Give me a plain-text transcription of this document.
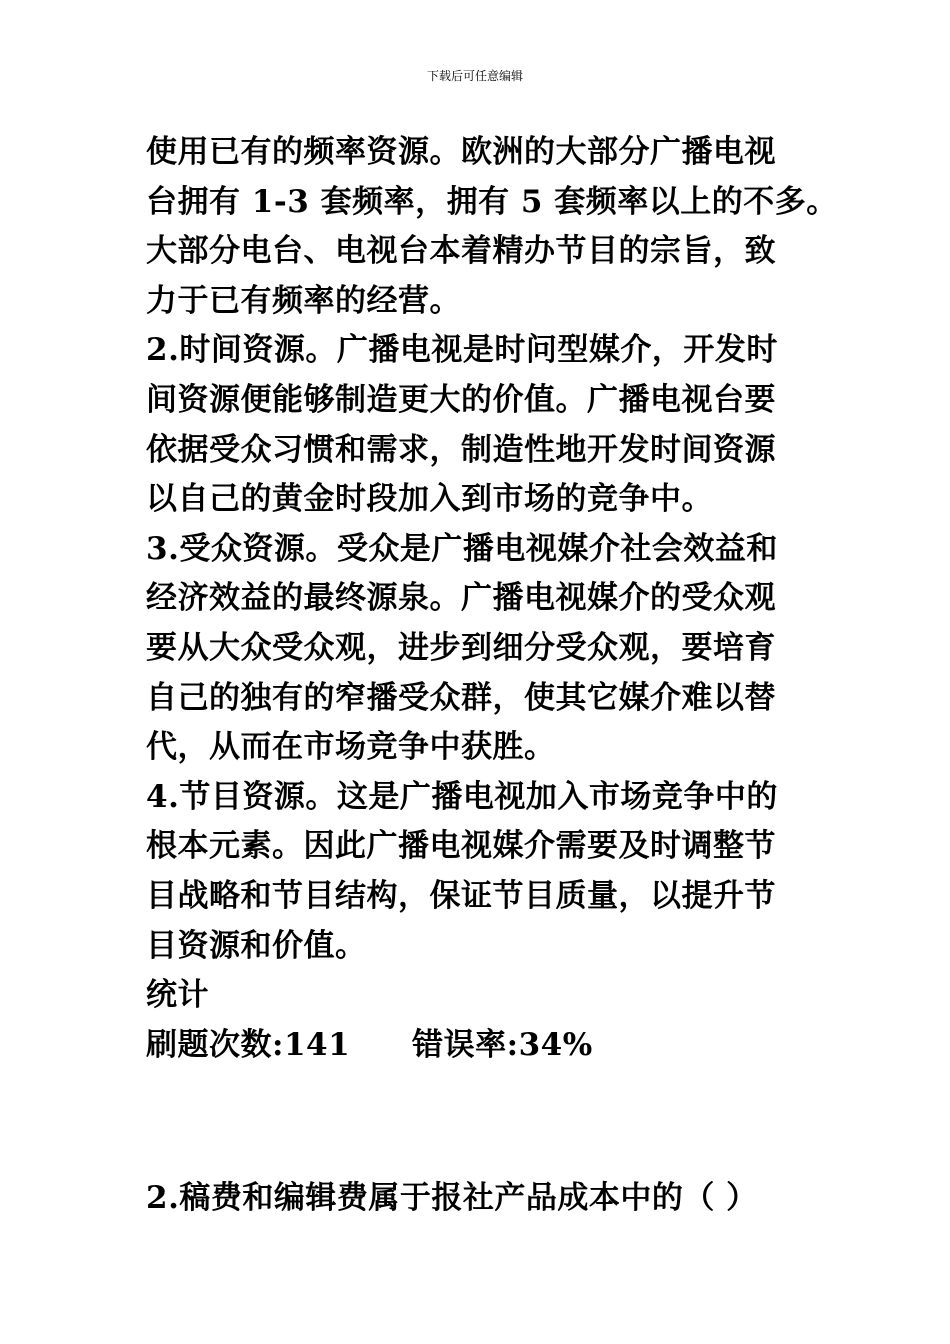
下载后可任意编辑
使用已有的频率资源。欧洲的大部分广播电视
台拥有 1-3 套频率，拥有 5 套频率以上的不多。
大部分电台、电视台本着精办节目的宗旨，致
力于已有频率的经营。
2.时间资源。广播电视是时问型媒介，开发时
间资源便能够制造更大的价值。广播电视台要
依据受众习惯和需求，制造性地开发时间资源
以自己的黄金时段加入到市场的竞争中。
3.受众资源。受众是广播电视媒介社会效益和
经济效益的最终源泉。广播电视媒介的受众观
要从大众受众观，进步到细分受众观，要培育
自己的独有的窄播受众群，使其它媒介难以替
代，从而在市场竞争中获胜。
4.节目资源。这是广播电视加入市场竞争中的
根本元素。因此广播电视媒介需要及时调整节
目战略和节目结构，保证节目质量，以提升节
目资源和价值。
统计
刷题次数:141 错误率:34%
2.稿费和编辑费属于报社产品成本中的（ ）
